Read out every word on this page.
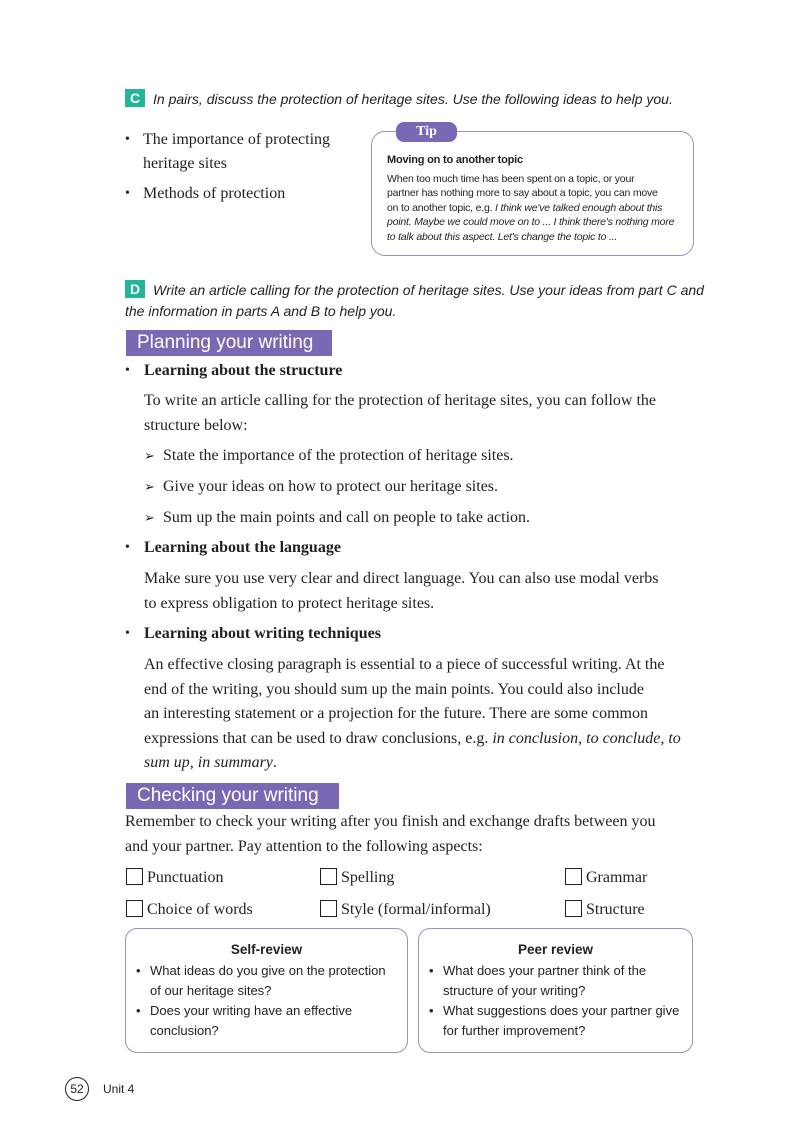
C In pairs, discuss the protection of heritage sites. Use the following ideas to help you.
• The importance of protecting
heritage sites
• Methods of protection
Tip
Moving on to another topic
When too much time has been spent on a topic, or your
partner has nothing more to say about a topic, you can move
on to another topic, e.g. I think we've talked enough about this
point. Maybe we could move on to ... I think there's nothing more
to talk about this aspect. Let's change the topic to ...
D Write an article calling for the protection of heritage sites. Use your ideas from part C and
the information in parts A and B to help you.
Planning your writing
• Learning about the structure
To write an article calling for the protection of heritage sites, you can follow the
structure below:
➢ State the importance of the protection of heritage sites.
➢ Give your ideas on how to protect our heritage sites.
➢ Sum up the main points and call on people to take action.
• Learning about the language
Make sure you use very clear and direct language. You can also use modal verbs
to express obligation to protect heritage sites.
• Learning about writing techniques
An effective closing paragraph is essential to a piece of successful writing. At the
end of the writing, you should sum up the main points. You could also include
an interesting statement or a projection for the future. There are some common
expressions that can be used to draw conclusions, e.g. in conclusion, to conclude, to
sum up, in summary.
Checking your writing
Remember to check your writing after you finish and exchange drafts between you
and your partner. Pay attention to the following aspects:
Punctuation	Spelling	Grammar
Choice of words	Style (formal/informal)	Structure
Self-review
• What ideas do you give on the protection
of our heritage sites?
• Does your writing have an effective
conclusion?
Peer review
• What does your partner think of the
structure of your writing?
• What suggestions does your partner give
for further improvement?
52	Unit 4
